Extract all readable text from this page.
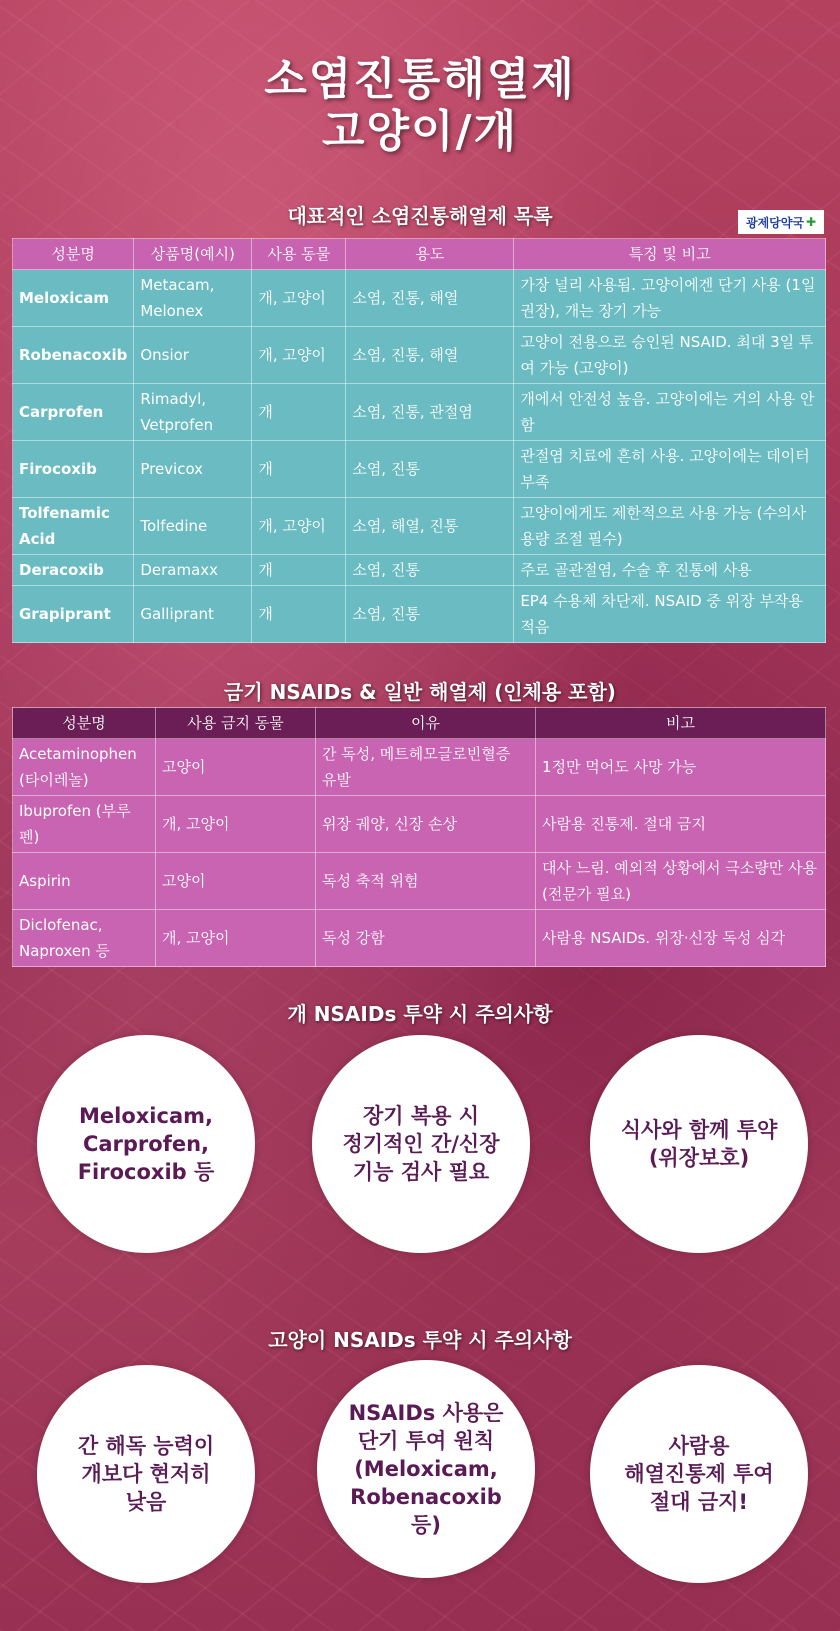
소염진통해열제
고양이/개
대표적인 소염진통해열제 목록	광제당약국 ✚
성분명	상품명(예시)	사용 동물	용도	특징 및 비고
Meloxicam	Metacam, Melonex	개, 고양이	소염, 진통, 해열	가장 널리 사용됨. 고양이에겐 단기 사용 (1일 권장), 개는 장기 가능
Robenacoxib	Onsior	개, 고양이	소염, 진통, 해열	고양이 전용으로 승인된 NSAID. 최대 3일 투여 가능 (고양이)
Carprofen	Rimadyl, Vetprofen	개	소염, 진통, 관절염	개에서 안전성 높음. 고양이에는 거의 사용 안 함
Firocoxib	Previcox	개	소염, 진통	관절염 치료에 흔히 사용. 고양이에는 데이터 부족
Tolfenamic Acid	Tolfedine	개, 고양이	소염, 해열, 진통	고양이에게도 제한적으로 사용 가능 (수의사 용량 조절 필수)
Deracoxib	Deramaxx	개	소염, 진통	주로 골관절염, 수술 후 진통에 사용
Grapiprant	Galliprant	개	소염, 진통	EP4 수용체 차단제. NSAID 중 위장 부작용 적음
금기 NSAIDs & 일반 해열제 (인체용 포함)
성분명	사용 금지 동물	이유	비고
Acetaminophen (타이레놀)	고양이	간 독성, 메트헤모글로빈혈증 유발	1정만 먹어도 사망 가능
Ibuprofen (부루펜)	개, 고양이	위장 궤양, 신장 손상	사람용 진통제. 절대 금지
Aspirin	고양이	독성 축적 위험	대사 느림. 예외적 상황에서 극소량만 사용 (전문가 필요)
Diclofenac, Naproxen 등	개, 고양이	독성 강함	사람용 NSAIDs. 위장·신장 독성 심각
개 NSAIDs 투약 시 주의사항
Meloxicam,
Carprofen,
Firocoxib 등
장기 복용 시
정기적인 간/신장
기능 검사 필요
식사와 함께 투약
(위장보호)
고양이 NSAIDs 투약 시 주의사항
간 해독 능력이
개보다 현저히
낮음
NSAIDs 사용은
단기 투여 원칙
(Meloxicam,
Robenacoxib
등)
사람용
해열진통제 투여
절대 금지!
